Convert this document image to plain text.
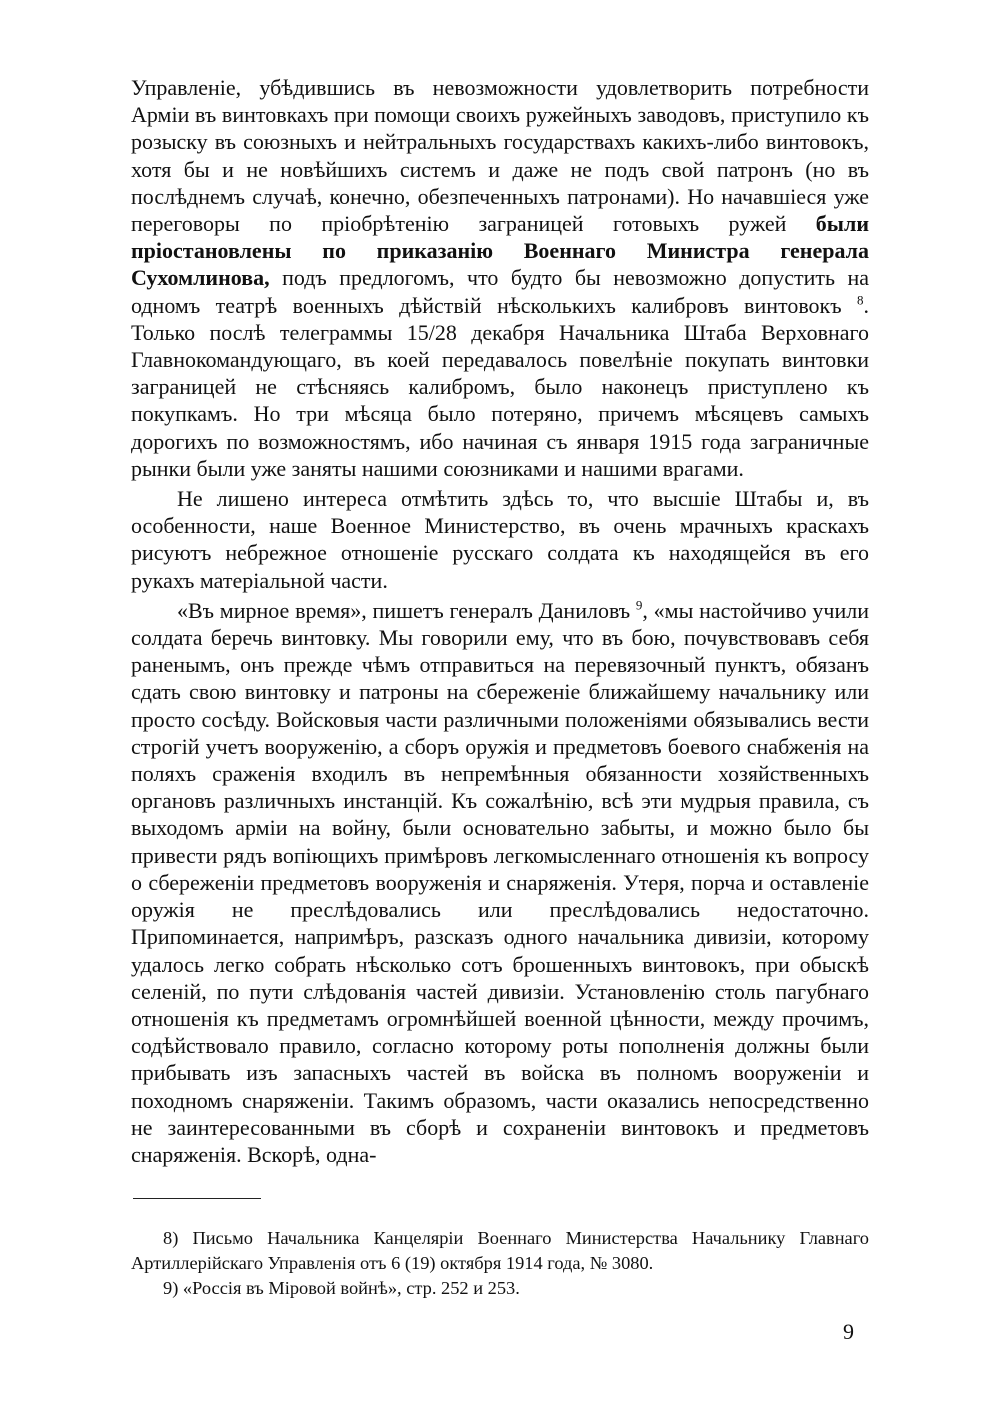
Управленіе, убѣдившись въ невозможности удовлетворить потребности Арміи въ винтовкахъ при помощи своихъ ружейныхъ заводовъ, приступило къ розыску въ союзныхъ и нейтральныхъ государствахъ какихъ-либо винтовокъ, хотя бы и не новѣйшихъ системъ и даже не подъ свой патронъ (но въ послѣднемъ случаѣ, конечно, обезпеченныхъ патронами). Но начавшіеся уже переговоры по пріобрѣтенію заграницей готовыхъ ружей были пріостановлены по приказанію Военнаго Министра генерала Сухомлинова, подъ предлогомъ, что будто бы невозможно допустить на одномъ театрѣ военныхъ дѣйствій нѣсколькихъ калибровъ винтовокъ $^8$. Только послѣ телеграммы 15/28 декабря Начальника Штаба Верховнаго Главнокомандующаго, въ коей передавалось повелѣніе покупать винтовки заграницей не стѣсняясь калибромъ, было наконецъ приступлено къ покупкамъ. Но три мѣсяца было потеряно, причемъ мѣсяцевъ самыхъ дорогихъ по возможностямъ, ибо начиная съ января 1915 года заграничные рынки были уже заняты нашими союзниками и нашими врагами.

Не лишено интереса отмѣтить здѣсь то, что высшіе Штабы и, въ особенности, наше Военное Министерство, въ очень мрачныхъ краскахъ рисуютъ небрежное отношеніе русскаго солдата къ находящейся въ его рукахъ матеріальной части.

«Въ мирное время», пишетъ генералъ Даниловъ $^9$, «мы настойчиво учили солдата беречь винтовку. Мы говорили ему, что въ бою, почувствовавъ себя раненымъ, онъ прежде чѣмъ отправиться на перевязочный пунктъ, обязанъ сдать свою винтовку и патроны на сбереженіе ближайшему начальнику или просто сосѣду. Войсковыя части различными положеніями обязывались вести строгій учетъ вооруженію, а сборъ оружія и предметовъ боевого снабженія на поляхъ сраженія входилъ въ непремѣнныя обязанности хозяйственныхъ органовъ различныхъ инстанцій. Къ сожалѣнію, всѣ эти мудрыя правила, съ выходомъ арміи на войну, были основательно забыты, и можно было бы привести рядъ вопіющихъ примѣровъ легкомысленнаго отношенія къ вопросу о сбереженіи предметовъ вооруженія и снаряженія. Утеря, порча и оставленіе оружія не преслѣдовались или преслѣдовались недостаточно. Припоминается, напримѣръ, разсказъ одного начальника дивизіи, которому удалось легко собрать нѣсколько сотъ брошенныхъ винтовокъ, при обыскѣ селеній, по пути слѣдованія частей дивизіи. Установленію столь пагубнаго отношенія къ предметамъ огромнѣйшей военной цѣнности, между прочимъ, содѣйствовало правило, согласно которому роты пополненія должны были прибывать изъ запасныхъ частей въ войска въ полномъ вооруженіи и походномъ снаряженіи. Такимъ образомъ, части оказались непосредственно не заинтересованными въ сборѣ и сохраненіи винтовокъ и предметовъ снаряженія. Вскорѣ, одна-

8) Письмо Начальника Канцеляріи Военнаго Министерства Начальнику Главнаго Артиллерійскаго Управленія отъ 6 (19) октября 1914 года, № 3080.

9) «Россія въ Міровой войнѣ», стр. 252 и 253.

9
